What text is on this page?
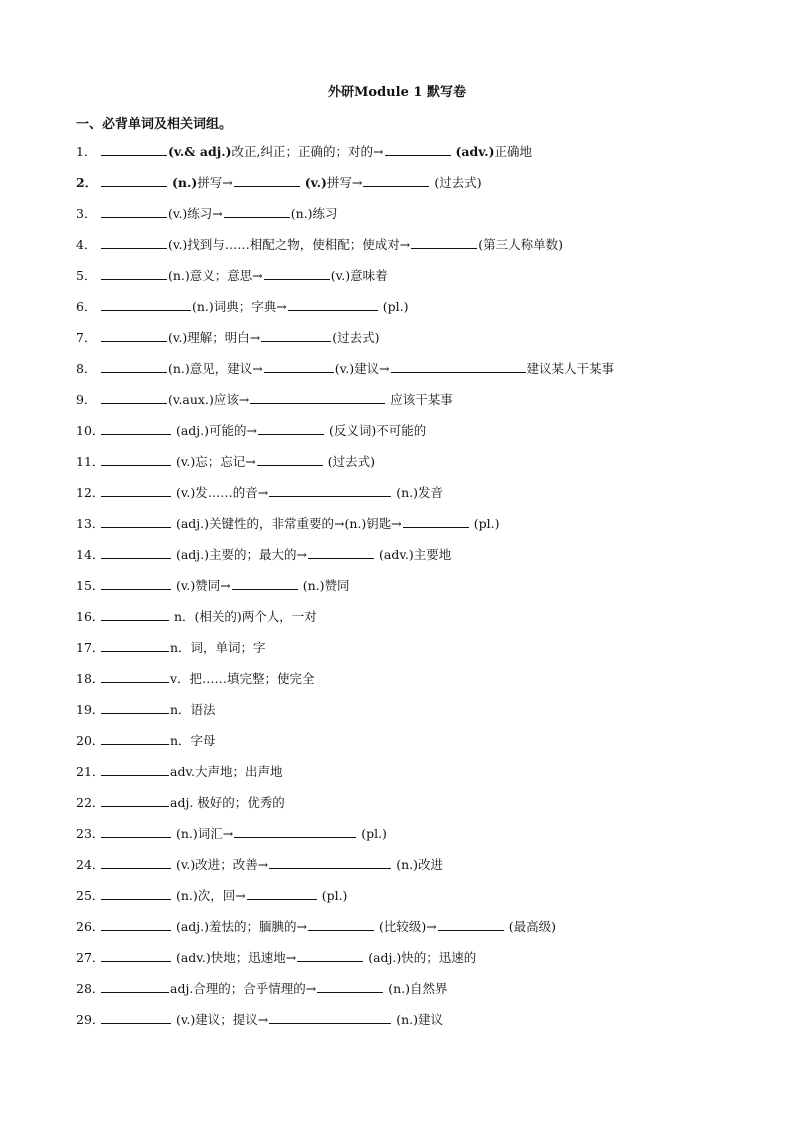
外研Module 1 默写卷
一、必背单词及相关词组。
1．	(v.& adj.)改正,纠正；正确的；对的→	(adv.)正确地
2．	(n.)拼写→	(v.)拼写→	(过去式)
3．	(v.)练习→	(n.)练习
4．	(v.)找到与……相配之物，使相配；使成对→	(第三人称单数)
5．	(n.)意义；意思→	(v.)意味着
6．	(n.)词典；字典→	(pl.)
7．	(v.)理解；明白→	(过去式)
8．	(n.)意见，建议→	(v.)建议→	建议某人干某事
9．	(v.aux.)应该→	应该干某事
10．	(adj.)可能的→	(反义词)不可能的
11．	(v.)忘；忘记→	(过去式)
12．	(v.)发……的音→	(n.)发音
13．	(adj.)关键性的，非常重要的→(n.)钥匙→	(pl.)
14．	(adj.)主要的；最大的→	(adv.)主要地
15．	(v.)赞同→	(n.)赞同
16．	n．(相关的)两个人，一对
17．	n．词，单词；字
18．	v．把……填完整；使完全
19．	n．语法
20．	n．字母
21．	adv.大声地；出声地
22．	adj. 极好的；优秀的
23．	(n.)词汇→	(pl.)
24．	(v.)改进；改善→	(n.)改进
25．	(n.)次，回→	(pl.)
26．	(adj.)羞怯的；腼腆的→	(比较级)→	(最高级)
27．	(adv.)快地；迅速地→	(adj.)快的；迅速的
28．	adj.合理的；合乎情理的→	(n.)自然界
29．	(v.)建议；提议→	(n.)建议
